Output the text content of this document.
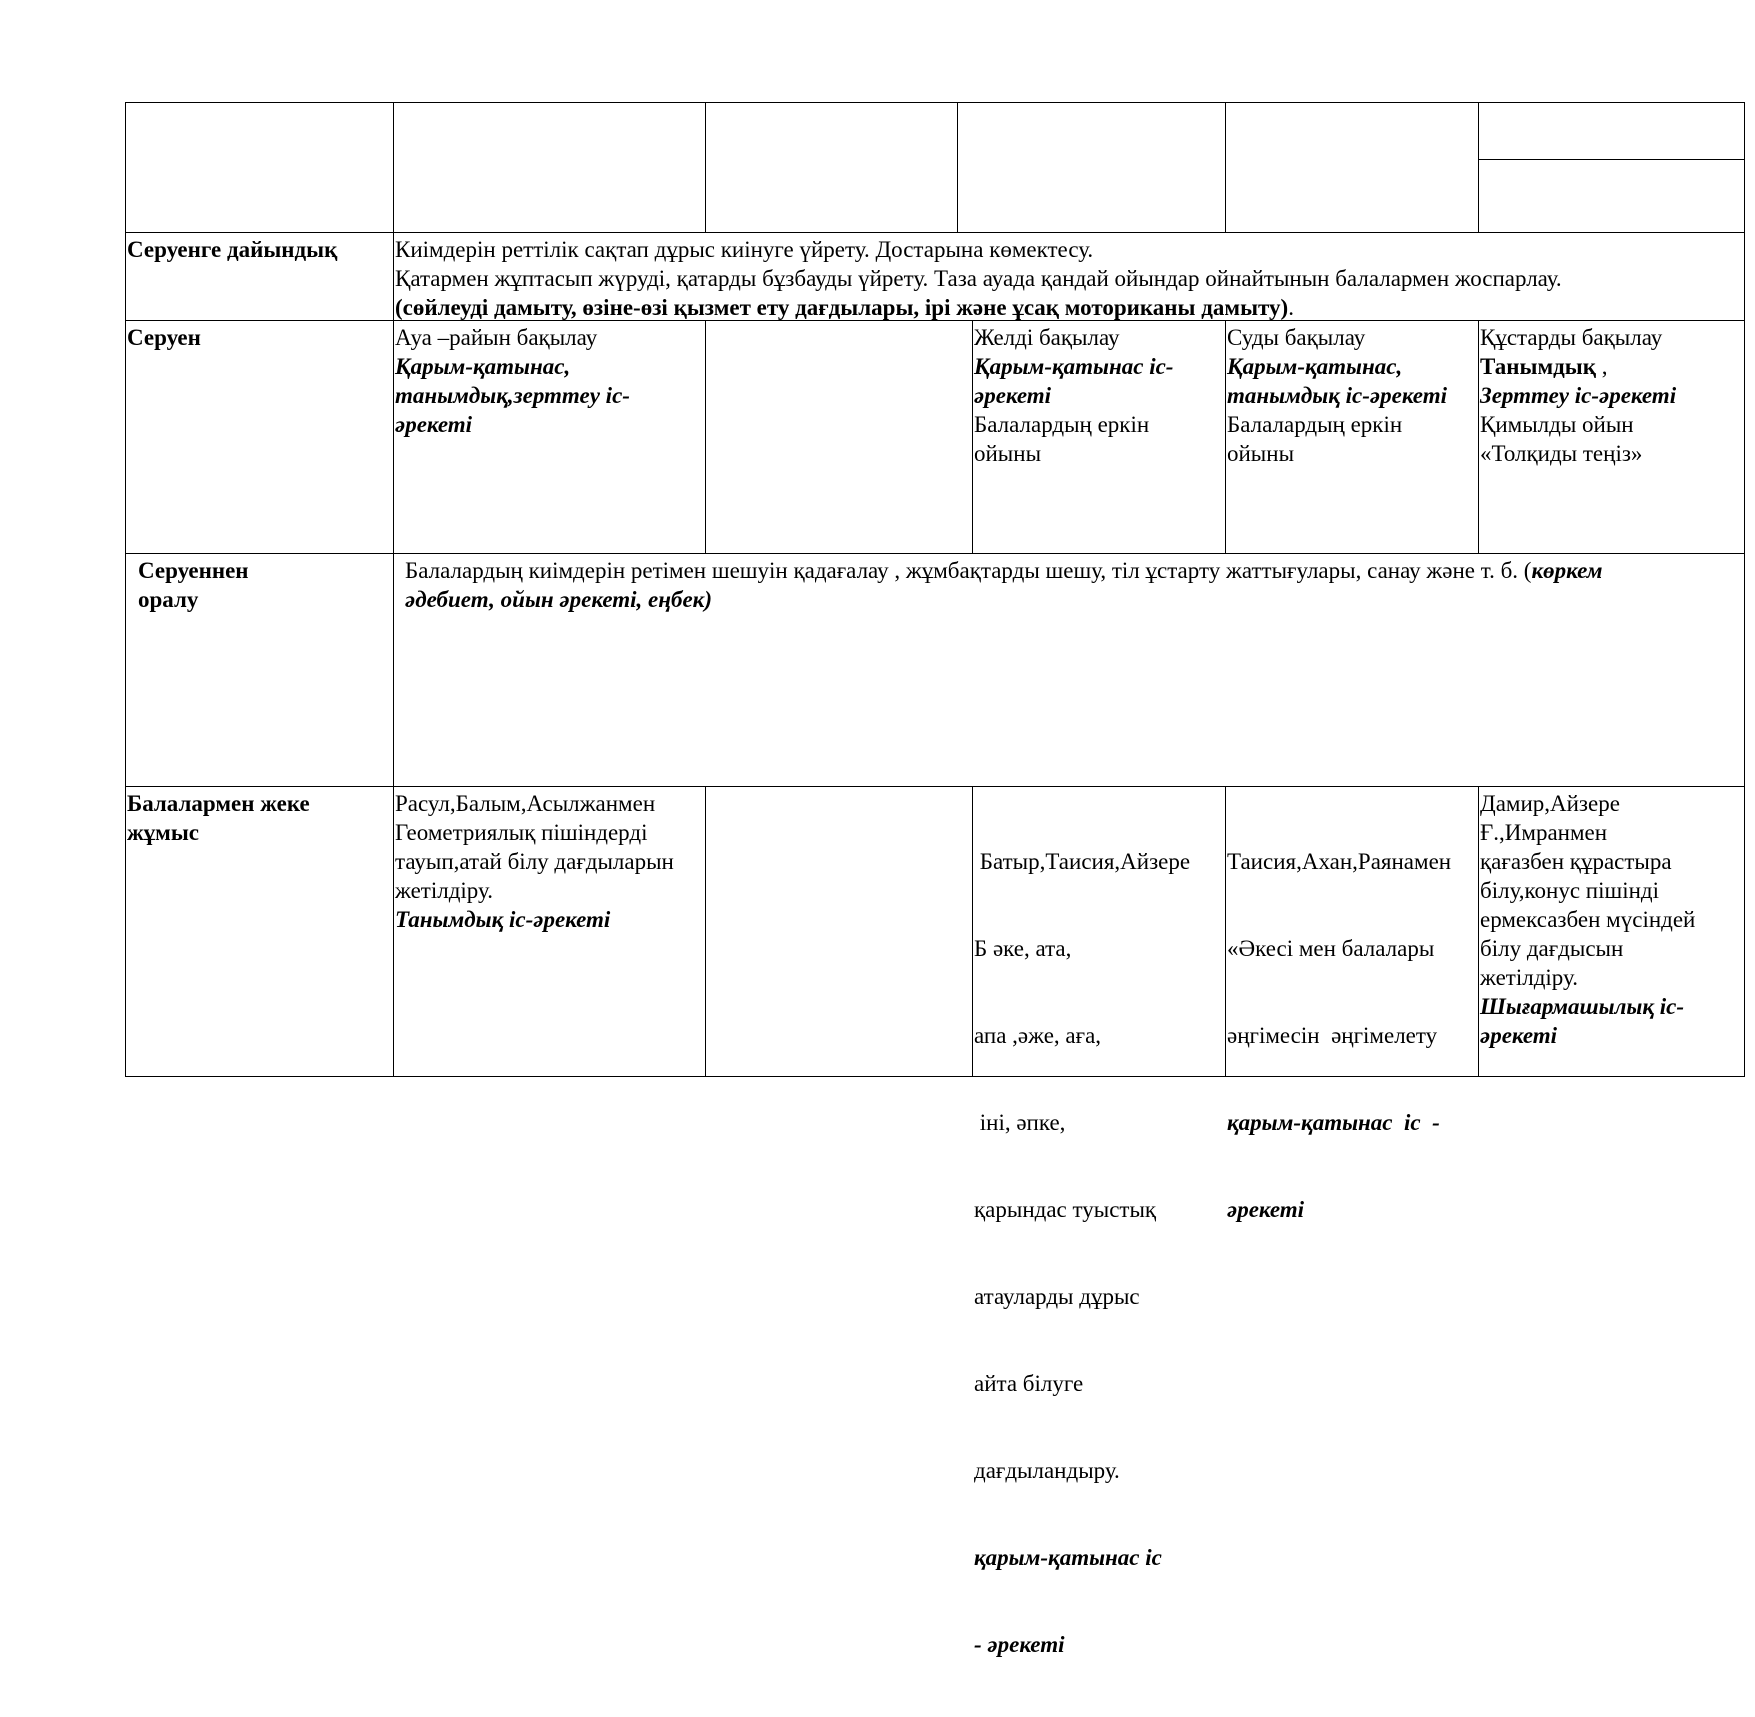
Серуенге дайындық	Киімдерін реттілік сақтап дұрыс киінуге үйрету. Достарына көмектесу.
Қатармен жұптасып жүруді, қатарды бұзбауды үйрету. Таза ауада қандай ойындар ойнайтынын балалармен жоспарлау.
(сөйлеуді дамыту, өзіне-өзі қызмет ету дағдылары, ірі және ұсақ моториканы дамыту).
Серуен	Ауа –райын бақылау
Қарым-қатынас,
танымдық,зерттеу іс-
әрекеті
Желді бақылау
Қарым-қатынас іс-
әрекеті
Балалардың еркін
ойыны
Суды бақылау
Қарым-қатынас,
танымдық іс-әрекеті
Балалардың еркін
ойыны
Құстарды бақылау
Танымдық ,
Зерттеу іс-әрекеті
Қимылды ойын
«Толқиды теңіз»
Серуеннен
оралу
Балалардың киімдерін ретімен шешуін қадағалау , жұмбақтарды шешу, тіл ұстарту жаттығулары, санау және т. б. (көркем
әдебиет, ойын әрекеті, еңбек)
Балалармен жеке
жұмыс
Расул,Балым,Асылжанмен
Геометриялық пішіндерді
тауып,атай білу дағдыларын
жетілдіру.
Танымдық іс-әрекеті

Батыр,Таисия,Айзере

Б әке, ата,

апа ,әже, аға,

іні, әпке,

қарындас туыстық

атауларды дұрыс

айта білуге

дағдыландыру.

қарым-қатынас іс

- әрекеті

Таисия,Ахан,Раянамен

«Әкесі мен балалары

әңгімесін  әңгімелету

қарым-қатынас  іс  -

әрекеті

Дамир,Айзере
Ғ.,Имранмен
қағазбен құрастыра
білу,конус пішінді
ермексазбен мүсіндей
білу дағдысын
жетілдіру.
Шығармашылық іс-
әрекеті
